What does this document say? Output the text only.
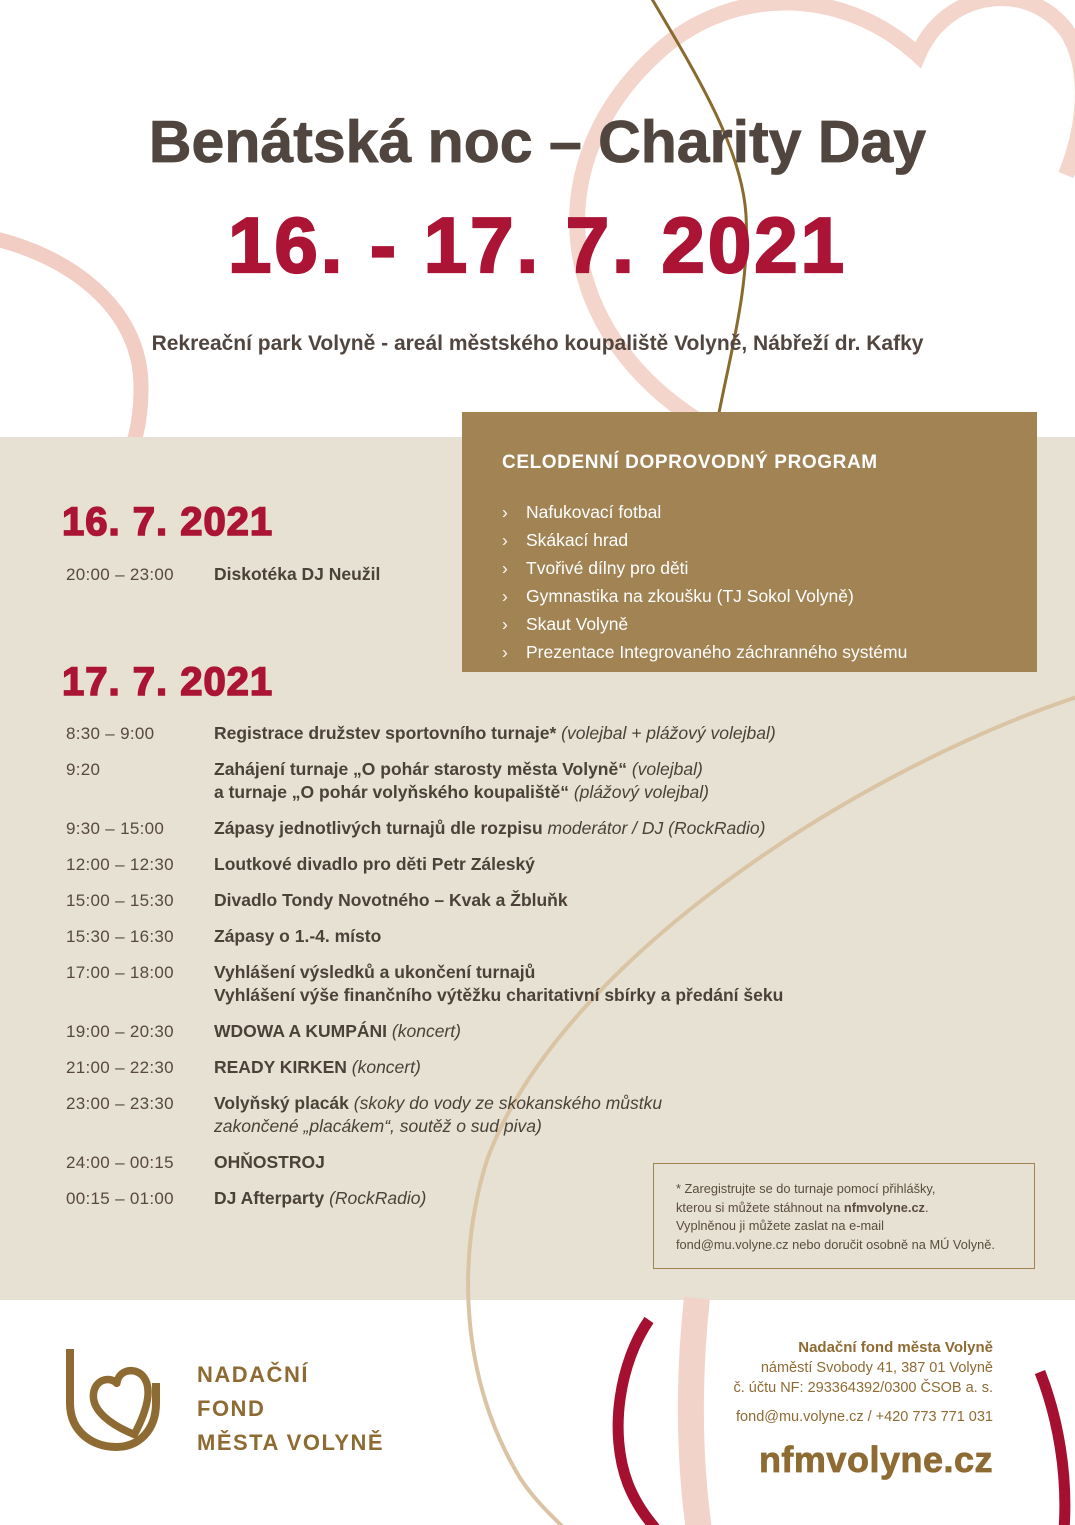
Benátská noc – Charity Day
16. - 17. 7. 2021
Rekreační park Volyně - areál městského koupaliště Volyně, Nábřeží dr. Kafky
CELODENNÍ DOPROVODNÝ PROGRAM
› Nafukovací fotbal
› Skákací hrad
› Tvořivé dílny pro děti
› Gymnastika na zkoušku (TJ Sokol Volyně)
› Skaut Volyně
› Prezentace Integrovaného záchranného systému
16. 7. 2021
20:00 – 23:00	Diskotéka DJ Neužil
17. 7. 2021
8:30 – 9:00	Registrace družstev sportovního turnaje* (volejbal + plážový volejbal)
9:20	Zahájení turnaje „O pohár starosty města Volyně“ (volejbal)
a turnaje „O pohár volyňského koupaliště“ (plážový volejbal)
9:30 – 15:00	Zápasy jednotlivých turnajů dle rozpisu moderátor / DJ (RockRadio)
12:00 – 12:30	Loutkové divadlo pro děti Petr Záleský
15:00 – 15:30	Divadlo Tondy Novotného – Kvak a Žbluňk
15:30 – 16:30	Zápasy o 1.-4. místo
17:00 – 18:00	Vyhlášení výsledků a ukončení turnajů
Vyhlášení výše finančního výtěžku charitativní sbírky a předání šeku
19:00 – 20:30	WDOWA A KUMPÁNI (koncert)
21:00 – 22:30	READY KIRKEN (koncert)
23:00 – 23:30	Volyňský placák (skoky do vody ze skokanského můstku
zakončené „placákem“, soutěž o sud piva)
24:00 – 00:15	OHŇOSTROJ
00:15 – 01:00	DJ Afterparty (RockRadio)	* Zaregistrujte se do turnaje pomocí přihlášky,
kterou si můžete stáhnout na nfmvolyne.cz.
Vyplněnou ji můžete zaslat na e-mail
fond@mu.volyne.cz nebo doručit osobně na MÚ Volyně.
NADAČNÍ
FOND
MĚSTA VOLYNĚ
Nadační fond města Volyně
náměstí Svobody 41, 387 01 Volyně
č. účtu NF: 293364392/0300 ČSOB a. s.
fond@mu.volyne.cz / +420 773 771 031
nfmvolyne.cz
